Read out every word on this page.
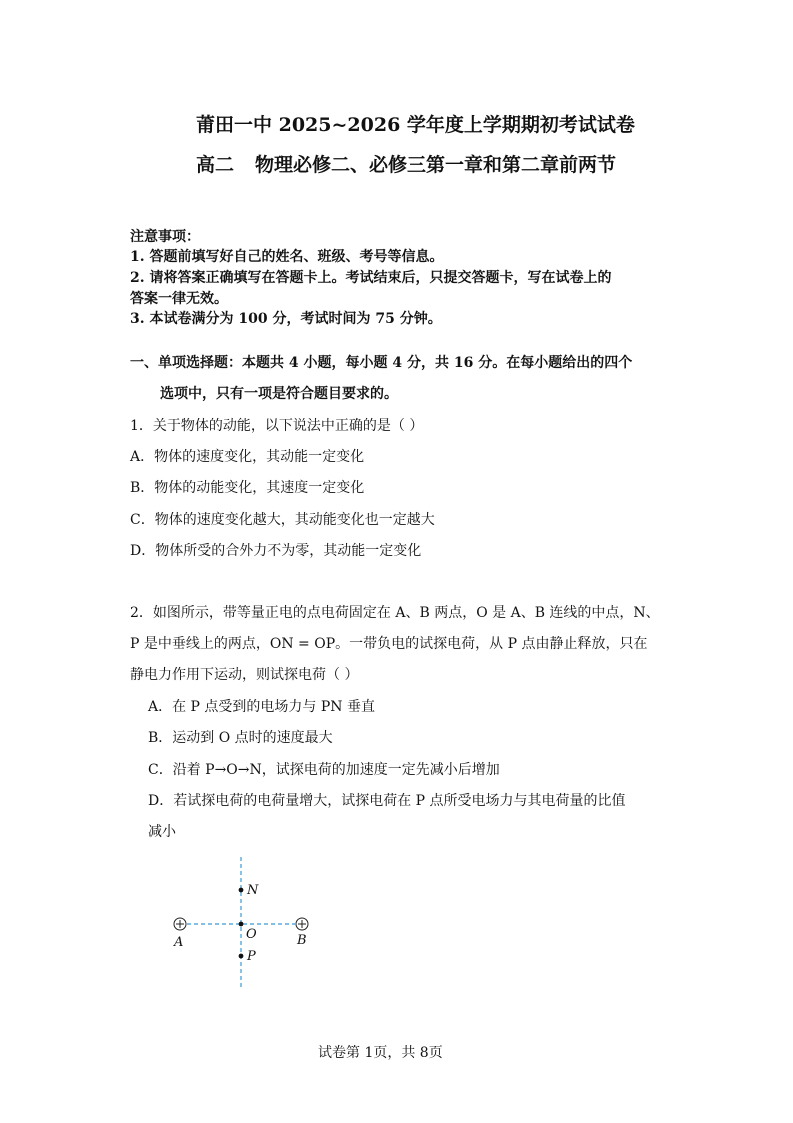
莆田一中 2025~2026 学年度上学期期初考试试卷
高二 物理必修二、必修三第一章和第二章前两节
注意事项：
1. 答题前填写好自己的姓名、班级、考号等信息。
2. 请将答案正确填写在答题卡上。考试结束后，只提交答题卡，写在试卷上的
答案一律无效。
3. 本试卷满分为 100 分，考试时间为 75 分钟。
一、单项选择题：本题共 4 小题，每小题 4 分，共 16 分。在每小题给出的四个
选项中，只有一项是符合题目要求的。
1．关于物体的动能，以下说法中正确的是（ ）
A．物体的速度变化，其动能一定变化
B．物体的动能变化，其速度一定变化
C．物体的速度变化越大，其动能变化也一定越大
D．物体所受的合外力不为零，其动能一定变化
2．如图所示，带等量正电的点电荷固定在 A、B 两点，O 是 A、B 连线的中点，N、
P 是中垂线上的两点，ON = OP。一带负电的试探电荷，从 P 点由静止释放，只在
静电力作用下运动，则试探电荷（ ）
A．在 P 点受到的电场力与 PN 垂直
B．运动到 O 点时的速度最大
C．沿着 P→O→N，试探电荷的加速度一定先减小后增加
D．若试探电荷的电荷量增大，试探电荷在 P 点所受电场力与其电荷量的比值
减小
N
O
P
A	B
试卷第 1页，共 8页
